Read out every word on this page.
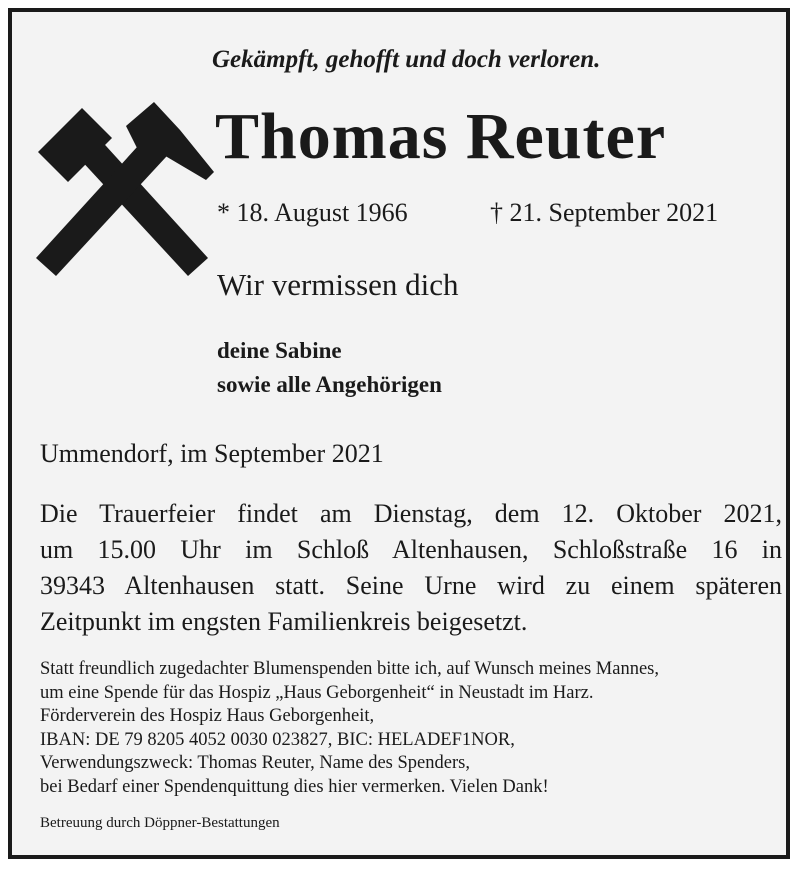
Gekämpft, gehofft und doch verloren.
Thomas Reuter
* 18. August 1966	† 21. September 2021
Wir vermissen dich
deine Sabine
sowie alle Angehörigen
Ummendorf, im September 2021
Die Trauerfeier findet am Dienstag, dem 12. Oktober 2021,
um 15.00 Uhr im Schloß Altenhausen, Schloßstraße 16 in
39343 Altenhausen statt. Seine Urne wird zu einem späteren
Zeitpunkt im engsten Familienkreis beigesetzt.
Statt freundlich zugedachter Blumenspenden bitte ich, auf Wunsch meines Mannes,
um eine Spende für das Hospiz „Haus Geborgenheit“ in Neustadt im Harz.
Förderverein des Hospiz Haus Geborgenheit,
IBAN: DE 79 8205 4052 0030 023827, BIC: HELADEF1NOR,
Verwendungszweck: Thomas Reuter, Name des Spenders,
bei Bedarf einer Spendenquittung dies hier vermerken. Vielen Dank!
Betreuung durch Döppner-Bestattungen
